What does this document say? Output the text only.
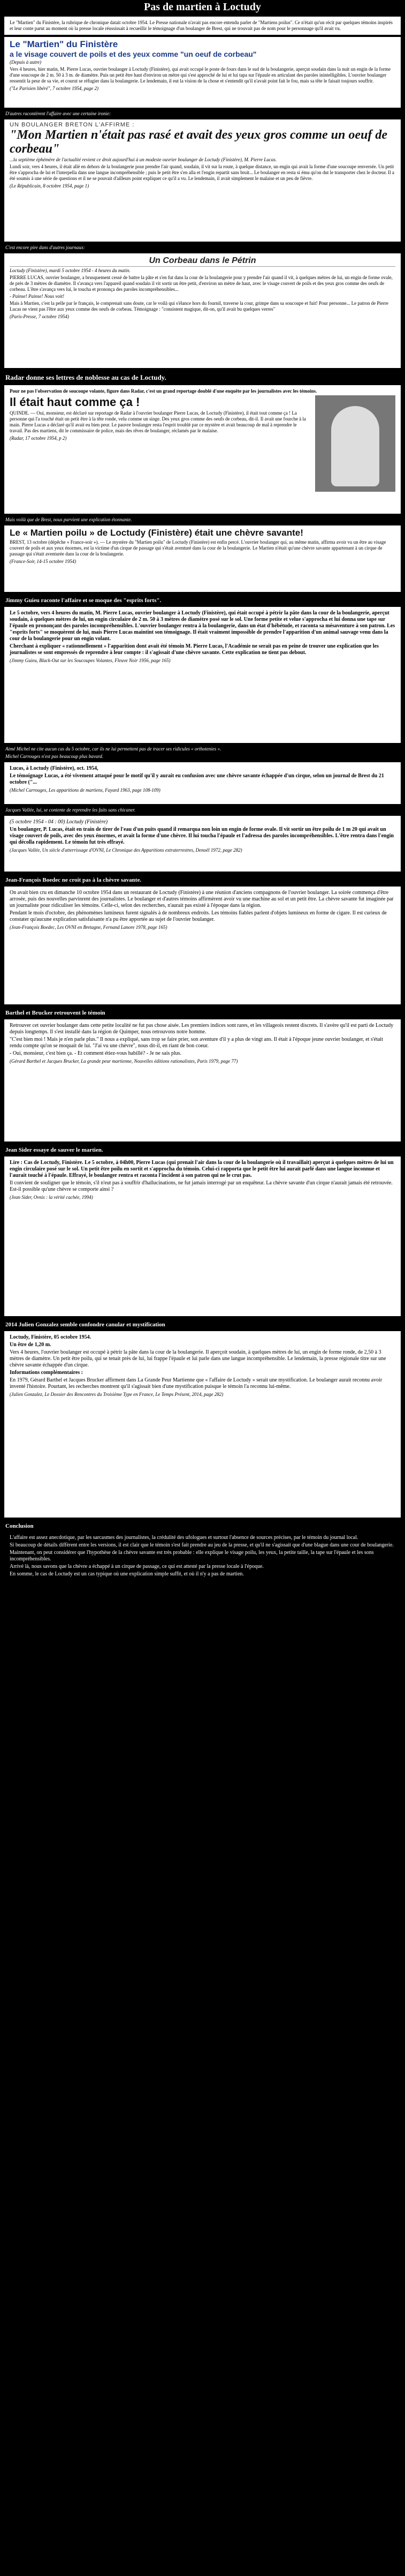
Pas de martien à Loctudy

Le "Martien" du Finistère, la rubrique de chronique datait octobre 1954. Le Presse nationale n'avait pas encore entendu parler de "Martiens poilus". Ce n'était qu'un récit par quelques témoins inspirés et leur conte parut au moment où la presse locale réussissait à recueillir le témoignage d'un boulanger de Brest, qui ne trouvait pas de nom pour le personnage qu'il avait vu.

Le "Martien" du Finistère
a le visage couvert de poils et des yeux comme "un oeuf de corbeau"

(Depuis à autre)

Vers 4 heures, hier matin, M. Pierre Lucas, ouvrier boulanger à Loctudy (Finistère), qui avait occupé le poste de fours dans le sud de la boulangerie, aperçut soudain dans la nuit un engin de la forme d'une soucoupe de 2 m. 50 à 3 m. de diamètre. Puis un petit être haut d'environ un mètre qui s'est approché de lui et lui tapa sur l'épaule en articulant des paroles inintelligibles. L'ouvrier boulanger ressentit la peur de sa vie, et courut se réfugier dans la boulangerie. Le lendemain, il eut la vision de la chose et s'entendit qu'il n'avait point fait le fou, mais sa tête le faisait toujours souffrir.

("Le Parisien libéré", 7 octobre 1954, page 2)

D'autres racontèrent l'affaire avec une certaine ironie:
UN BOULANGER BRETON L'AFFIRME :
"Mon Martien n'était pas rasé et avait des yeux gros comme un oeuf de corbeau"

...la septième éphémère de l'actualité revient ce droit aujourd'hui à un modeste ouvrier boulanger de Loctudy (Finistère), M. Pierre Lucas.

Lundi soir, vers 4 heures, il était allé en dehors de la boulangerie pour prendre l'air quand, soudain, il vit sur la route, à quelque distance, un engin qui avait la forme d'une soucoupe renversée. Un petit être s'approcha de lui et l'interpella dans une langue incompréhensible ; puis le petit être s'en alla et l'engin repartit sans bruit... Le boulanger en resta si ému qu'on dut le transporter chez le docteur. Il a été soumis à une série de questions et il ne se pouvait d'ailleurs point expliquer ce qu'il a vu. Le lendemain, il avait simplement le malaise et un peu de fièvre.

(Le Républicain, 8 octobre 1954, page 1)

C'est encore pire dans d'autres journaux:
Un Corbeau dans le Pétrin

Loctudy (Finistère), mardi 5 octobre 1954 - 4 heures du matin.

PIERRE LUCAS, ouvrier boulanger, a brusquement cessé de battre la pâte et s'en fut dans la cour de la boulangerie pour y prendre l'air quand il vit, à quelques mètres de lui, un engin de forme ovale, de près de 3 mètres de diamètre. Il s'avança vers l'appareil quand soudain il vit sortir un être petit, d'environ un mètre de haut, avec le visage couvert de poils et des yeux gros comme des oeufs de corbeau. L'être s'avança vers lui, le toucha et prononça des paroles incompréhensibles...

- Painse! Painse! Nous voit!

Mais à Martien, c'est la pelle par le français, le comprenait sans doute, car le voilà qui s'élance hors du fournil, traverse la cour, grimpe dans sa soucoupe et fuit! Pour personne... Le patron de Pierre Lucas ne vient pas l'être aux yeux comme des oeufs de corbeau. Témoignage : "consistent magique, dit-on, qu'il avait bu quelques verres"

(Paris-Presse, 7 octobre 1954)

Radar donne ses lettres de noblesse au cas de Loctudy.

Pour ne pas l'observation de soucoupe volante, figure dans Radar, c'est un grand reportage doublé d'une enquête par les journalistes avec les témoins.

Il était haut comme ça !

QUINDE. — Oui, monsieur, est déclaré sur reportage de Radar à l'ouvrier boulanger Pierre Lucas, de Loctudy (Finistère), il était tout comme ça ! La personne qui l'a touché était un petit être à la tête ronde, velu comme un singe. Des yeux gros comme des oeufs de corbeau, dit-il. Il avait une fourche à la main. Pierre Lucas a déclaré qu'il avait eu bien peur. Le pauvre boulanger resta l'esprit troublé par ce mystère et avait beaucoup de mal à reprendre le travail. Pas des martiens, dit le commissaire de police, mais des rêves de boulanger, réclamés par le malaise.

(Radar, 17 octobre 1954, p 2)

Mais voilà que de Brest, nous parvient une explication étonnante.
Le « Martien poilu » de Loctudy (Finistère) était une chèvre savante!

BREST, 13 octobre (dépêche « France-soir »). — Le mystère du "Martien poilu" de Loctudy (Finistère) est enfin percé. L'ouvrier boulanger qui, au même matin, affirma avoir vu un être au visage couvert de poils et aux yeux énormes, est la victime d'un cirque de passage qui s'était aventuré dans la cour de la boulangerie. Le Martien n'était qu'une chèvre savante appartenant à un cirque de passage qui s'était aventurée dans la cour de la boulangerie.

(France-Soir, 14-15 octobre 1954)

Jimmy Guieu raconte l'affaire et se moque des "esprits forts".

Le 5 octobre, vers 4 heures du matin, M. Pierre Lucas, ouvrier boulanger à Loctudy (Finistère), qui était occupé à pétrir la pâte dans la cour de la boulangerie, aperçut soudain, à quelques mètres de lui, un engin circulaire de 2 m. 50 à 3 mètres de diamètre posé sur le sol. Une forme petite et velue s'approcha et lui donna une tape sur l'épaule en prononçant des paroles incompréhensibles. L'ouvrier boulanger rentra à la boulangerie, dans un état d'hébétude, et raconta sa mésaventure à son patron. Les "esprits forts" se moquèrent de lui, mais Pierre Lucas maintint son témoignage. Il était vraiment impossible de prendre l'apparition d'un animal sauvage venu dans la cour de la boulangerie pour un engin volant.

Cherchant à expliquer « rationnellement » l'apparition dont avait été témoin M. Pierre Lucas, l'Académie ne serait pas en peine de trouver une explication que les journalistes se sont empressés de reprendre à leur compte : il s'agissait d'une chèvre savante. Cette explication ne tient pas debout.

(Jimmy Guieu, Black-Out sur les Soucoupes Volantes, Fleuve Noir 1956, page 165)

Aimé Michel ne cite aucun cas du 5 octobre, car ils ne lui permettent pas de tracer ses ridicules « orthotenies ».
Michel Carrouges n'est pas beaucoup plus bavard.

Lucas, à Loctudy (Finistère), oct. 1954,

Le témoignage Lucas, a été vivement attaqué pour le motif qu'il y aurait eu confusion avec une chèvre savante échappée d'un cirque, selon un journal de Brest du 21 octobre ("...

(Michel Carrouges, Les apparitions de martiens, Fayard 1963, page 108-109)

Jacques Vallée, lui, se contente de reprendre les faits sans chicaner.

(5 octobre 1954 - 04 : 00) Loctudy (Finistère)

Un boulanger, P. Lucas, était en train de tirer de l'eau d'un puits quand il remarqua non loin un engin de forme ovale. Il vit sortir un être poilu de 1 m 20 qui avait un visage couvert de poils, avec des yeux énormes, et avait la forme d'une chèvre. Il lui toucha l'épaule et l'adressa des paroles incompréhensibles. L'être rentra dans l'engin qui décolla rapidement. Le témoin fut très effrayé.

(Jacques Vallée, Un siècle d'atterrissage d'OVNI, Le Chronique des Apparitions extraterrestres, Denoël 1972, page 282)

Jean-François Boedec ne croit pas à la chèvre savante.

On avait bien cru en dimanche 10 octobre 1954 dans un restaurant de Loctudy (Finistère) à une réunion d'anciens compagnons de l'ouvrier boulanger. La soirée commença d'être arrosée, puis des nouvelles parvinrent des journalistes. Le boulanger et d'autres témoins affirmèrent avoir vu une machine au sol et un petit être. La chèvre savante fut imaginée par un journaliste pour ridiculiser les témoins. Celle-ci, selon des recherches, n'aurait pas existé à l'époque dans la région.

Pendant le mois d'octobre, des phénomènes lumineux furent signalés à de nombreux endroits. Les témoins fiables parlent d'objets lumineux en forme de cigare. Il est curieux de constater qu'aucune explication satisfaisante n'a pu être apportée au sujet de l'ouvrier boulanger.

(Jean-François Boedec, Les OVNI en Bretagne, Fernand Lanore 1978, page 165)

Barthel et Brucker retrouvent le témoin

Retrouver cet ouvrier boulanger dans cette petite localité ne fut pas chose aisée. Les premiers indices sont rares, et les villageois restent discrets. Il s'avère qu'il est parti de Loctudy depuis longtemps. Il s'est installé dans la région de Quimper, nous retrouvons notre homme.

"C'est bien moi ! Mais je n'en parle plus." Il nous a expliqué, sans trop se faire prier, son aventure d'il y a plus de vingt ans. Il était à l'époque jeune ouvrier boulanger, et s'était rendu compte qu'on se moquait de lui. "J'ai vu une chèvre", nous dit-il, en riant de bon coeur.

- Oui, monsieur, c'est bien ça. - Et comment étiez-vous habillé? - Je ne sais plus.

(Gérard Barthel et Jacques Brucker, La grande peur martienne, Nouvelles éditions rationalistes, Paris 1979, page 77)

Jean Sider essaye de sauver le martien.

Lire : Cas de Loctudy, Finistère. Le 5 octobre, à 04h00, Pierre Lucas (qui prenait l'air dans la cour de la boulangerie où il travaillait) aperçut à quelques mètres de lui un engin circulaire posé sur le sol. Un petit être poilu en sortit et s'approcha du témoin. Celui-ci rapporta que le petit être lui aurait parlé dans une langue inconnue et l'aurait touché à l'épaule. Effrayé, le boulanger rentra et raconta l'incident à son patron qui ne le crut pas.

Il convient de souligner que le témoin, s'il n'eut pas à souffrir d'hallucinations, ne fut jamais interrogé par un enquêteur. La chèvre savante d'un cirque n'aurait jamais été retrouvée. Est-il possible qu'une chèvre se comporte ainsi ?

(Jean Sider, Ovnis : la vérité cachée, 1994)

2014 Julien Gonzalez semble confondre canular et mystification

Loctudy, Finistère, 05 octobre 1954.

Un être de 1,20 m.

Vers 4 heures, l'ouvrier boulanger est occupé à pétrir la pâte dans la cour de la boulangerie. Il aperçoit soudain, à quelques mètres de lui, un engin de forme ronde, de 2,50 à 3 mètres de diamètre. Un petit être poilu, qui se tenait près de lui, lui frappe l'épaule et lui parle dans une langue incompréhensible. Le lendemain, la presse régionale titre sur une chèvre savante échappée d'un cirque.

Informations complémentaires :

En 1979, Gérard Barthel et Jacques Brucker affirment dans La Grande Peur Martienne que « l'affaire de Loctudy » serait une mystification. Le boulanger aurait reconnu avoir inventé l'histoire. Pourtant, les recherches montrent qu'il s'agissait bien d'une mystification puisque le témoin l'a reconnu lui-même.

(Julien Gonzalez, Le Dossier des Rencontres du Troisième Type en France, Le Temps Présent, 2014, page 282)

Conclusion

L'affaire est assez anecdotique, par les sarcasmes des journalistes, la crédulité des ufologues et surtout l'absence de sources précises, par le témoin du journal local.

Si beaucoup de détails diffèrent entre les versions, il est clair que le témoin s'est fait prendre au jeu de la presse, et qu'il ne s'agissait que d'une blague dans une cour de boulangerie.

Maintenant, on peut considérer que l'hypothèse de la chèvre savante est très probable : elle explique le visage poilu, les yeux, la petite taille, la tape sur l'épaule et les sons incompréhensibles.

Arrivé là, nous savons que la chèvre a échappé à un cirque de passage, ce qui est attesté par la presse locale à l'époque.

En somme, le cas de Loctudy est un cas typique où une explication simple suffit, et où il n'y a pas de martien.
